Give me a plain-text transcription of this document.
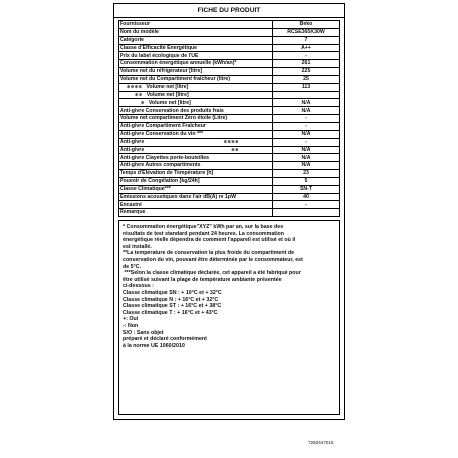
FICHE DU PRODUIT
Fournisseur	Beko
Nom du modèle	RCSE365K30W
Catégorie	7
Classe d'Efficacité Energétique	A++
Prix du label écologique de l'UE	-
Consommation énergétique annuelle (kWh/an)*	261
Volume net du réfrigérateur [litre]	225
Volume net du Compartiment fraîcheur (litre)	25
✲✲✲✲ Volume net [litre]	113
✲✲ Volume net [litre]	
✲ Volume net [litre]	N/A
Anti-givre Conservation des produits frais	N/A
Volume net compartiment Zéro étoile (Litre)	-
Anti-givre Compartiment Fraîcheur	-
Anti-givre Conservation du vin ***	N/A
Anti-givre ✲✲✲✲	-
Anti-givre ✲✲	N/A
Anti-givre Clayettes porte-bouteilles	N/A
Anti-givre Autres compartiments	N/A
Temps d'Élévation de Température [h]	23
Pouvoir de Congélation [kg/24h]	5
Classe Climatique***	SN-T
Emissions acoustiques dans l'air dB(A) re 1pW	40
Encastré	-
Remarque	
* Consommation énergétique"XYZ" kWh par an, sur la base des
résultats de test standard pendant 24 heures. La consommation
énergétique réelle dépendra de comment l'appareil est utilisé et où il
est installé.
**La température de conservation la plus froide du compartiment de
conservation du vin, pouvant être déterminée par le consommateur, est
de 5°C.
***Selon la classe climatique déclarée, cet appareil a été fabriqué pour
être utilisé suivant la plage de température ambiante présentée
ci-dessous :
Classe climatique SN : + 10°C et + 32°C
Classe climatique N : + 16°C et + 32°C
Classe climatique ST : + 16°C et + 38°C
Classe climatique T : + 16°C et + 43°C
+: Oui
-: Non
S/O : Sans objet
préparé et déclaré conformément
à la norme UE 1060/2010
7283447015
